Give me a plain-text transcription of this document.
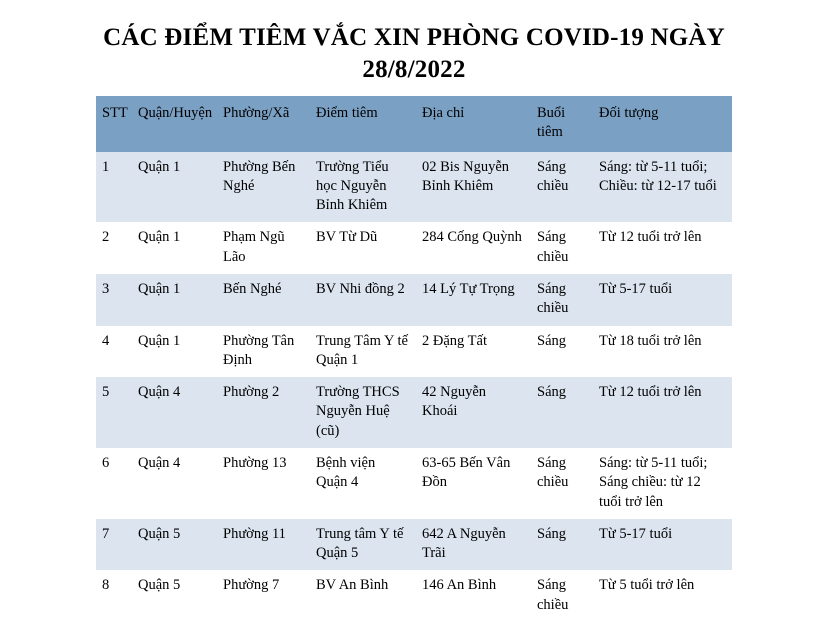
CÁC ĐIỂM TIÊM VẮC XIN PHÒNG COVID-19 NGÀY 28/8/2022
STT	Quận/Huyện	Phường/Xã	Điểm tiêm	Địa chỉ	Buổi tiêm	Đối tượng
1	Quận 1	Phường Bến Nghé	Trường Tiểu học Nguyễn Bỉnh Khiêm	02 Bis Nguyễn Bỉnh Khiêm	Sáng chiều	Sáng: từ 5-11 tuổi; Chiều: từ 12-17 tuổi
2	Quận 1	Phạm Ngũ Lão	BV Từ Dũ	284 Cống Quỳnh	Sáng chiều	Từ 12 tuổi trở lên
3	Quận 1	Bến Nghé	BV Nhi đồng 2	14 Lý Tự Trọng	Sáng chiều	Từ 5-17 tuổi
4	Quận 1	Phường Tân Định	Trung Tâm Y tế Quận 1	2 Đặng Tất	Sáng	Từ 18 tuổi trở lên
5	Quận 4	Phường 2	Trường THCS Nguyễn Huệ (cũ)	42 Nguyễn Khoái	Sáng	Từ 12 tuổi trở lên
6	Quận 4	Phường 13	Bệnh viện Quận 4	63-65 Bến Vân Đồn	Sáng chiều	Sáng: từ 5-11 tuổi; Sáng chiều: từ 12 tuổi trở lên
7	Quận 5	Phường 11	Trung tâm Y tế Quận 5	642 A Nguyễn Trãi	Sáng	Từ 5-17 tuổi
8	Quận 5	Phường 7	BV An Bình	146 An Bình	Sáng chiều	Từ 5 tuổi trở lên
